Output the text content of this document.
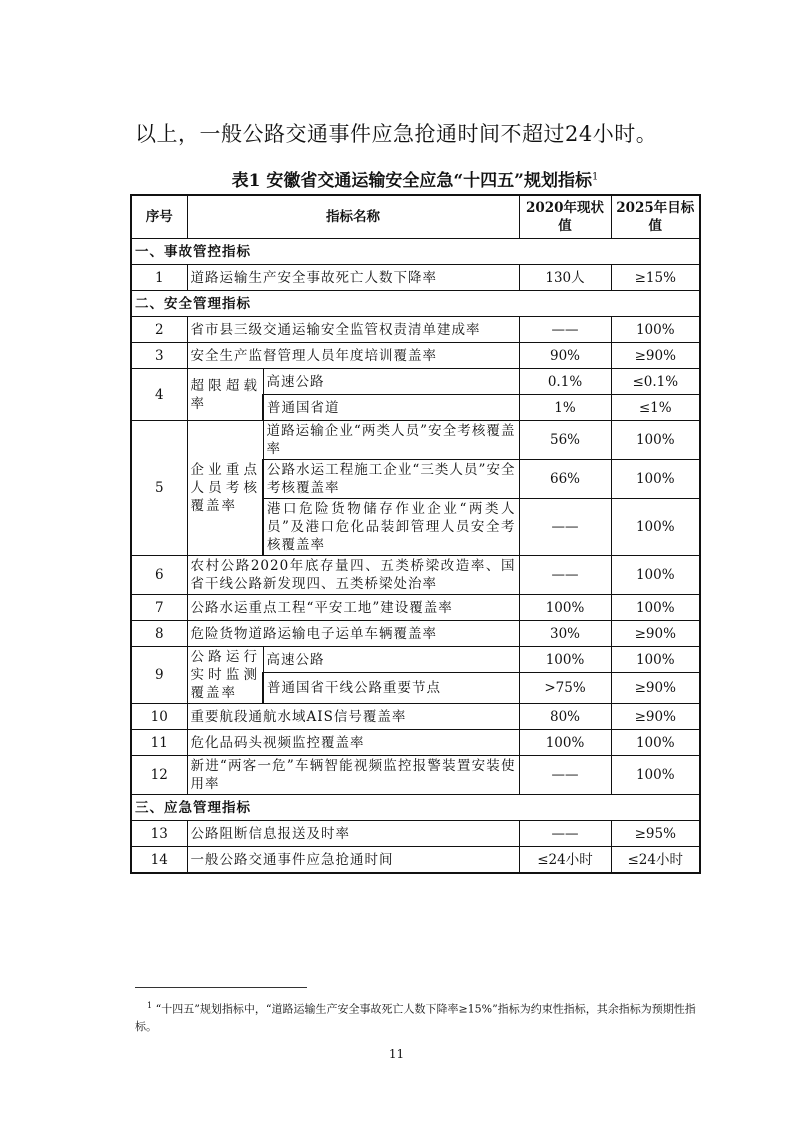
以上，一般公路交通事件应急抢通时间不超过24小时。

表1 安徽省交通运输安全应急“十四五”规划指标$^1$

序号	指标名称		2020年现状值	2025年目标值
一、事故管控指标				
1	道路运输生产安全事故死亡人数下降率		130人	≥15%
二、安全管理指标				
2	省市县三级交通运输安全监管权责清单建成率		——	100%
3	安全生产监督管理人员年度培训覆盖率		90%	≥90%
4	超限超载率	高速公路	0.1%	≤0.1%
		普通国省道	1%	≤1%
5	企业重点人员考核覆盖率	道路运输企业“两类人员”安全考核覆盖率	56%	100%
		公路水运工程施工企业“三类人员”安全考核覆盖率	66%	100%
		港口危险货物储存作业企业“两类人员”及港口危化品装卸管理人员安全考核覆盖率	——	100%
6	农村公路2020年底存量四、五类桥梁改造率、国省干线公路新发现四、五类桥梁处治率		——	100%
7	公路水运重点工程“平安工地”建设覆盖率		100%	100%
8	危险货物道路运输电子运单车辆覆盖率		30%	≥90%
9	公路运行实时监测覆盖率	高速公路	100%	100%
		普通国省干线公路重要节点	>75%	≥90%
10	重要航段通航水域AIS信号覆盖率		80%	≥90%
11	危化品码头视频监控覆盖率		100%	100%
12	新进“两客一危”车辆智能视频监控报警装置安装使用率		——	100%
三、应急管理指标				
13	公路阻断信息报送及时率		——	≥95%
14	一般公路交通事件应急抢通时间		≤24小时	≤24小时

$^1$ “十四五”规划指标中，“道路运输生产安全事故死亡人数下降率≥15%”指标为约束性指标，其余指标为预期性指标。

11
